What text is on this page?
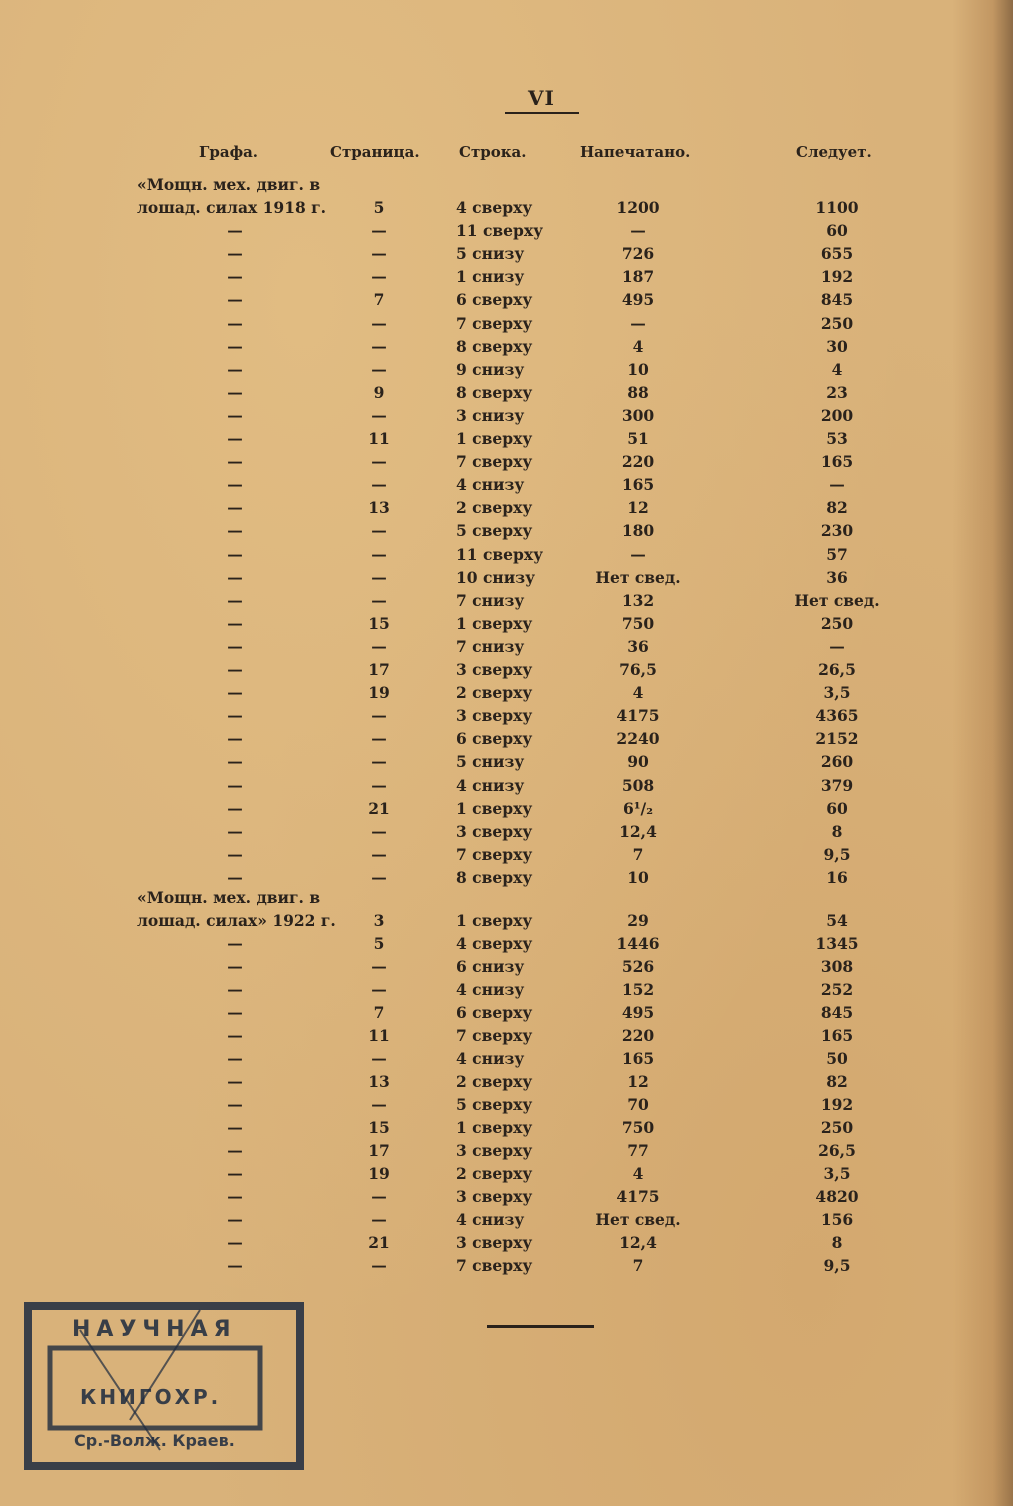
VI
Графа.	Страница.	Строка.	Напечатано.	Следует.
«Мощн. мех. двиг. в
лошад. силах 1918 г.	5	4 сверху	1200	1100
—	—	11 сверху	—	60
—	—	5 снизу	726	655
—	—	1 снизу	187	192
—	7	6 сверху	495	845
—	—	7 сверху	—	250
—	—	8 сверху	4	30
—	—	9 снизу	10	4
—	9	8 сверху	88	23
—	—	3 снизу	300	200
—	11	1 сверху	51	53
—	—	7 сверху	220	165
—	—	4 снизу	165	—
—	13	2 сверху	12	82
—	—	5 сверху	180	230
—	—	11 сверху	—	57
—	—	10 снизу	Нет свед.	36
—	—	7 снизу	132	Нет свед.
—	15	1 сверху	750	250
—	—	7 снизу	36	—
—	17	3 сверху	76,5	26,5
—	19	2 сверху	4	3,5
—	—	3 сверху	4175	4365
—	—	6 сверху	2240	2152
—	—	5 снизу	90	260
—	—	4 снизу	508	379
—	21	1 сверху	6¹/₂	60
—	—	3 сверху	12,4	8
—	—	7 сверху	7	9,5
—	—	8 сверху	10	16
«Мощн. мех. двиг. в
лошад. силах» 1922 г.	3	1 сверху	29	54
—	5	4 сверху	1446	1345
—	—	6 снизу	526	308
—	—	4 снизу	152	252
—	7	6 сверху	495	845
—	11	7 сверху	220	165
—	—	4 снизу	165	50
—	13	2 сверху	12	82
—	—	5 сверху	70	192
—	15	1 сверху	750	250
—	17	3 сверху	77	26,5
—	19	2 сверху	4	3,5
—	—	3 сверху	4175	4820
—	—	4 снизу	Нет свед.	156
—	21	3 сверху	12,4	8
—	—	7 сверху	7	9,5
НАУЧНАЯ
КНИГОХР.
Ср.-Волж. Краев.
